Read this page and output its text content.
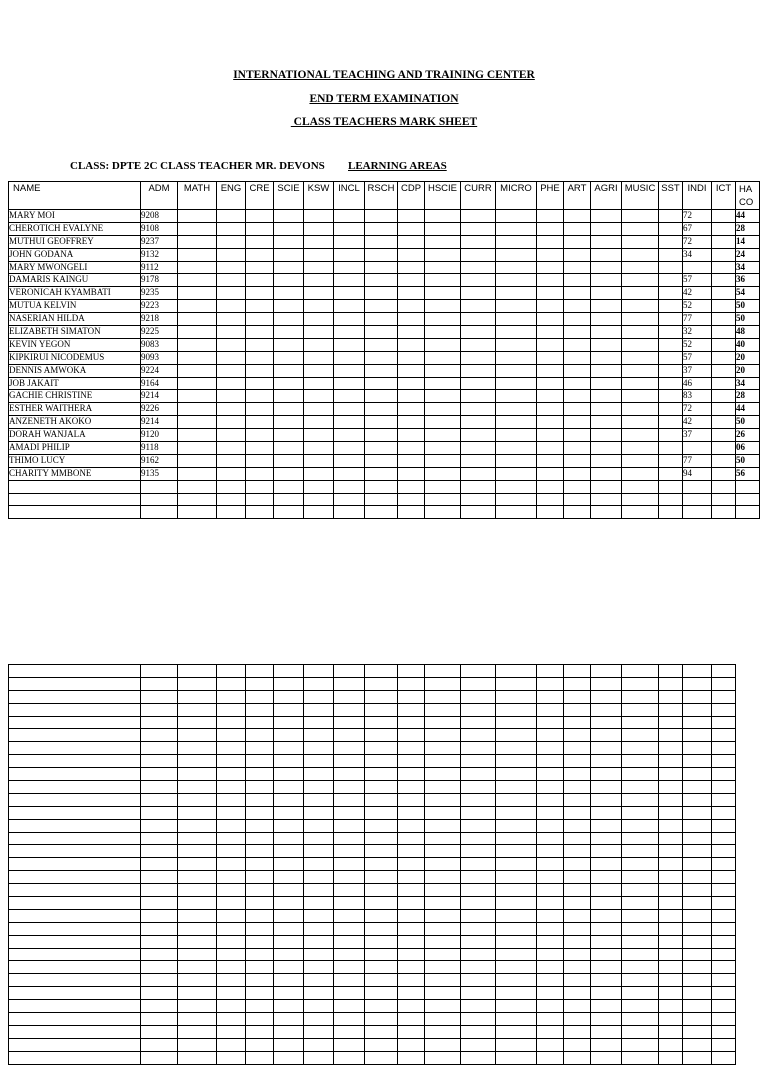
INTERNATIONAL TEACHING AND TRAINING CENTER
END TERM EXAMINATION
CLASS TEACHERS MARK SHEET
CLASS: DPTE 2C CLASS TEACHER MR. DEVONS LEARNING AREAS
NAME	ADM	MATH	ENG	CRE	SCIE	KSW	INCL	RSCH	CDP	HSCIE	CURR	MICRO	PHE	ART	AGRI	MUSIC	SST	INDI	ICT	HA
CO
MARY MOI	9208																	72		44
CHEROTICH EVALYNE	9108																	67		28
MUTHUI GEOFFREY	9237																	72		14
JOHN GODANA	9132																	34		24
MARY MWONGELI	9112																			34
DAMARIS KAINGU	9178																	57		36
VERONICAH KYAMBATI	9235																	42		54
MUTUA KELVIN	9223																	52		50
NASERIAN HILDA	9218																	77		50
ELIZABETH SIMATON	9225																	32		48
KEVIN YEGON	9083																	52		40
KIPKIRUI NICODEMUS	9093																	57		20
DENNIS AMWOKA	9224																	37		20
JOB JAKAIT	9164																	46		34
GACHIE CHRISTINE	9214																	83		28
ESTHER WAITHERA	9226																	72		44
ANZENETH AKOKO	9214																	42		50
DORAH WANJALA	9120																	37		26
AMADI PHILIP	9118																			06
THIMO LUCY	9162																	77		50
CHARITY MMBONE	9135																	94		56
